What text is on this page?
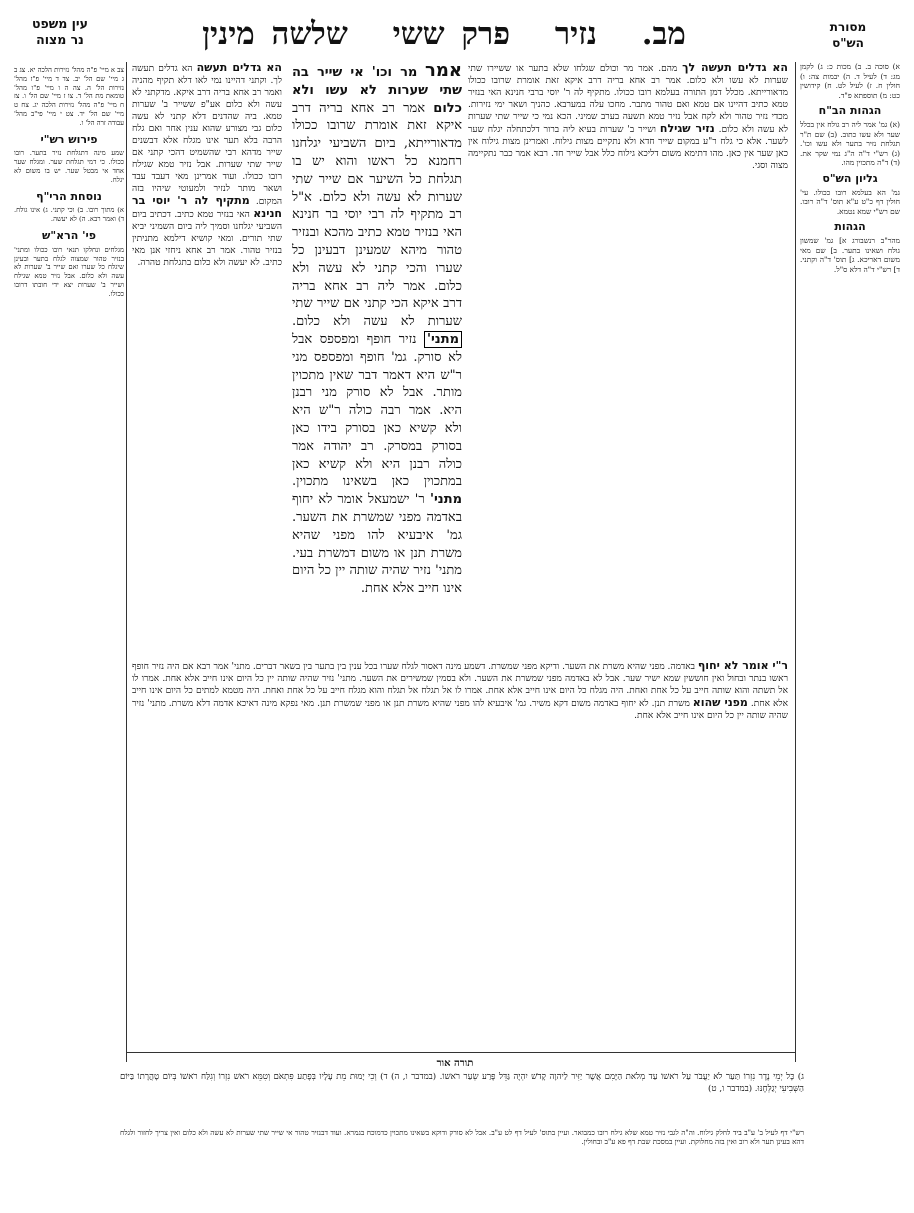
עין משפט
נר מצוה	מב. נזיר פרק ששי שלשה מינין	מסורת
הש"ס

א) סוכה ב. ב) מכות כ: ג) לקמן מג: ד) לעיל ד. ה) יבמות צה: ו) חולין ח. ז) לעיל לט. ח) קידושין כט: מ) תוספתא פ"ד.

הגהות הב"ח

(א) גמ' אמר ליה רב גולח אין בכלל שער ולא עשו כתוב. (ב) שם ת"ר תגלחת נזיר בתער ולא עשו וכו'. (ג) רש"י ד"ה ה"ג נמי שקר את. (ד) ד"ה מתכוין מהו.

גליון הש"ס

גמ' הא בעלמא רובו ככולו. עי' חולין דף כ"ט ע"א תוס' ד"ה רובו. שם רש"י שמא נטמא.

הגהות

מהר"ב רנשבורג א] גמ' שמשון גולח ושאינו בתער. ב] שם מאי משום דאריכא. ג] תוס' ד"ה וקתני. ד] רש"י ד"ה דלא ס"ל.

צב א מיי' פ"ה מהל' נזירות הלכה יא. צג ב ג מיי' שם הל' יב. צד ד מיי' פ"ז מהל' נזירות הל' ה. צה ה ו מיי' פ"ו מהל' טומאת מת הל' ד. צו ז מיי' שם הל' ו. צז ח מיי' פ"ה מהל' נזירות הלכה יג. צח ט מיי' שם הל' יד. צט י מיי' פי"ב מהל' עבודה זרה הל' ו.

פירוש רש"י

שמע מינה דתגלחת נזיר בתער. רובו ככולו. כי דמי תגלחת שער. ומגלח שער אחד אי מבטל שער. יש בו משום לא יגלח.

נוסחת הרי"ף

א) מתוך רובו. ב) וכי קתני. ג) אינו גולח. ד) ואמר רבא. ה) לא יעשה.

פי' הרא"ש

מגלחים ונחלקו תנאי רובו ככולו ומתני' בנזיר טהור שמצוה לגלח בתער ובעינן שיגלח כל שערו ואם שייר ב' שערות לא עשה ולא כלום. אבל נזיר טמא שגילח ושייר ב' שערות יצא ידי חובתו דרובו ככולו.

הא גדלים תעשה הא גדלים תעשה לך. וקתני דהיינו נמי לאו דלא תקיף מהניה ואמר רב אחא בריה דרב איקא. מדקתני לא עשה ולא כלום אע"פ ששייר ב' שערות טמא. ביה שהדנים דלא קתני לא עשה כלום גבי מצורע שהוא ענין אחר ואם גלח הרבה בלא תער אינו מגלח אלא דבשנים שייר מדהא רבי שהשמיט דהכי קתני אם שייר שתי שערות. אבל נזיר טמא שגילח רובו ככולו. ועוד אמרינן מאי דעבד עבד ושאר מותר לנזיר ולמעוטי שיהיו בזה המקום. מתקיף לה ר' יוסי בר חנינא האי בנזיר טמא כתיב. דכתיב ביום השביעי יגלחנו וסמיך ליה ביום השמיני יביא שתי תורים. ומאי קושיא דילמא מתניתין בנזיר טהור. אמר רב אחא ניחזי אנן מאי כתיב. לא יעשה ולא כלום בתגלחת טהרה.
אמר מר וכו' אי שייר בה שתי שערות לא עשו ולא כלום אמר רב אחא בריה דרב איקא זאת אומרת שרובו ככולו מדאורייתא, ביום השביעי יגלחנו רחמנא כל ראשו והוא יש בו תגלחת כל השיער אם שייר שתי שערות לא עשה ולא כלום. א"ל רב מתקיף לה רבי יוסי בר חנינא האי בנזיר טמא כתיב מהכא ובנזיר טהור מיהא שמעינן דבעינן כל שערו והכי קתני לא עשה ולא כלום. אמר ליה רב אחא בריה דרב איקא הכי קתני אם שייר שתי שערות לא עשה ולא כלום. מתני' נזיר חופף ומפספס אבל לא סורק. גמ' חופף ומפספס מני ר"ש היא דאמר דבר שאין מתכוין מותר. אבל לא סורק מני רבנן היא. אמר רבה כולה ר"ש היא ולא קשיא כאן בסורק בידו כאן בסורק במסרק. רב יהודה אמר כולה רבנן היא ולא קשיא כאן במתכוין כאן בשאינו מתכוין. מתני' ר' ישמעאל אומר לא יחוף באדמה מפני שמשרת את השער. גמ' איבעיא להו מפני שהיא משרת תנן או משום דמשרת בעי. מתני' נזיר שהיה שותה יין כל היום אינו חייב אלא אחת.
הא גדלים תעשה לך מהם. אמר מר וכולם שגלחו שלא בתער או ששיירו שתי שערות לא עשו ולא כלום. אמר רב אחא בריה דרב איקא זאת אומרת שרובו ככולו מדאורייתא. מכלל דמן התורה בעלמא רובו ככולו. מתקיף לה ר' יוסי ברבי חנינא האי בנזיר טמא כתיב דהיינו אם טמא ואם טהור מתבר. מחכו עלה במערבא. כהניך ושאר ימי נזירות. מכדי נזיר טהור ולא לקח אבל נזיר טמא תשעה בערב שמיני. הכא נמי כי שייר שתי שערות לא עשה ולא כלום. נזיר שגילח ושייר ב' שערות בעיא ליה ברור דלכתחלה יגלח שער לשער. אלא כי גלח ר"ע במקום שייר חדא ולא נתקיים מצות גילוח. ואמרינן מצות גילוח אין כאן שער אין כאן. מהו דתימא משום דליכא גילוח כלל אבל שייר חד. רבא אמר כבר נתקיימה מצוה וסגי.
ר"י אומר לא יחוף באדמה. מפני שהיא משרת את השער. ודיקא מפני שמשרת. דשמע מינה דאסור לגלח שערו בכל ענין בין בתער בין בשאר דברים. מתני' אמר רבא אם היה נזיר חופף ראשו בנתר ובחול ואין חוששין שמא ישיר שער. אבל לא באדמה מפני שמשרת את השער. ולא בסמין שמשירים את השער. מתני' נזיר שהיה שותה יין כל היום אינו חייב אלא אחת. אמרו לו אל תשתה והוא שותה חייב על כל אחת ואחת. היה מגלח כל היום אינו חייב אלא אחת. אמרו לו אל תגלח אל תגלח והוא מגלח חייב על כל אחת ואחת. היה מטמא למתים כל היום אינו חייב אלא אחת. מפני שהוא משרת תנן. לא יחוף באדמה משום דקא משיר. גמ' איבעיא להו מפני שהיא משרת תנן או מפני שמשרת תנן. מאי נפקא מינה דאיכא אדמה דלא משרת. מתני' נזיר שהיה שותה יין כל היום אינו חייב אלא אחת.
תורה אור
ג) כָּל יְמֵי נֶדֶר נִזְרוֹ תַּעַר לֹא יַעֲבֹר עַל רֹאשׁוֹ עַד מְלֹאת הַיָּמִם אֲשֶׁר יַזִּיר לַיהוָה קָדֹשׁ יִהְיֶה גַּדֵּל פֶּרַע שְׂעַר רֹאשׁוֹ. (במדבר ו, ה) ד) וְכִי יָמוּת מֵת עָלָיו בְּפֶתַע פִּתְאֹם וְטִמֵּא רֹאשׁ נִזְרוֹ וְגִלַּח רֹאשׁוֹ בְּיוֹם טָהֳרָתוֹ בַּיּוֹם הַשְּׁבִיעִי יְגַלְּחֶנּוּ. (במדבר ו, ט)
רש"י דף לעיל ב' ע"ב ביד לחלק גילוח. וה"ה לגבי נזיר טמא שלא גילח רובו כמבואר. ועיין בתוס' לעיל דף לט ע"ב. אבל לא סורק ודוקא בשאינו מתכוין כדמוכח בגמרא. ועוד דבנזיר טהור אי שייר שתי שערות לא עשה ולא כלום ואין צריך לחזור ולגלח דהא בעינן תער ולא רוב ואין בזה מחלוקת. ועיין במסכת שבת דף פא ע"ב ובחולין.
